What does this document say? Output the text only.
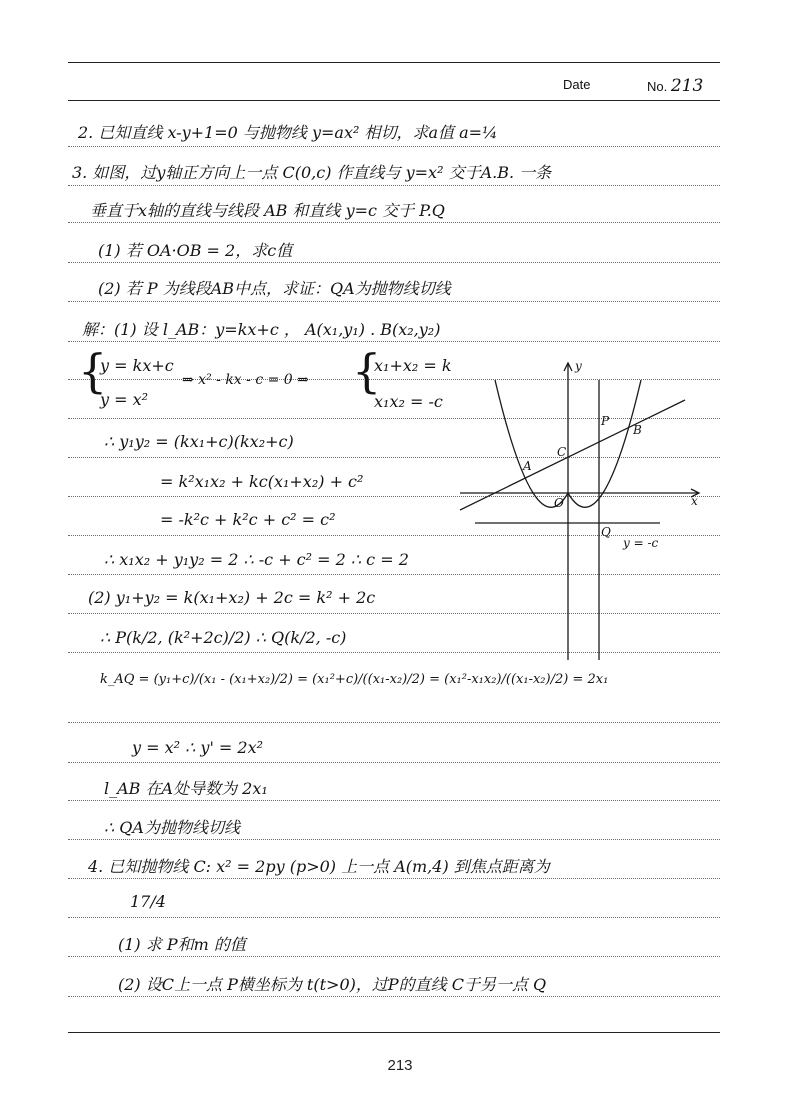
Date	No. 213
2. 已知直线 x-y+1=0 与抛物线 y=ax² 相切，求a值 a=¼
3. 如图，过y轴正方向上一点 C(0,c) 作直线与 y=x² 交于A.B. 一条
垂直于x轴的直线与线段 AB 和直线 y=c 交于 P.Q
(1) 若 OA·OB = 2，求c值
(2) 若 P 为线段AB中点，求证：QA为抛物线切线
解：(1) 设 l_AB：y=kx+c ， A(x₁,y₁) . B(x₂,y₂)
{
y = kx+c
y = x²
⇒ x² - kx - c = 0 ⇒ {
x₁+x₂ = k
x₁x₂ = -c
∴ y₁y₂ = (kx₁+c)(kx₂+c)
= k²x₁x₂ + kc(x₁+x₂) + c²
= -k²c + k²c + c² = c²
∴ x₁x₂ + y₁y₂ = 2 ∴ -c + c² = 2 ∴ c = 2
(2) y₁+y₂ = k(x₁+x₂) + 2c = k² + 2c
∴ P(k/2, (k²+2c)/2) ∴ Q(k/2, -c)
k_AQ = (y₁+c)/(x₁ - (x₁+x₂)/2) = (x₁²+c)/((x₁-x₂)/2) = (x₁²-x₁x₂)/((x₁-x₂)/2) = 2x₁
y = x² ∴ y' = 2x²
l_AB 在A处导数为 2x₁
∴ QA为抛物线切线
4. 已知抛物线 C: x² = 2py (p>0) 上一点 A(m,4) 到焦点距离为
17/4
(1) 求 P和m 的值
(2) 设C上一点 P横坐标为 t(t>0)，过P的直线 C于另一点 Q
y
x
O
A
B
C
P
Q
y = -c
213
